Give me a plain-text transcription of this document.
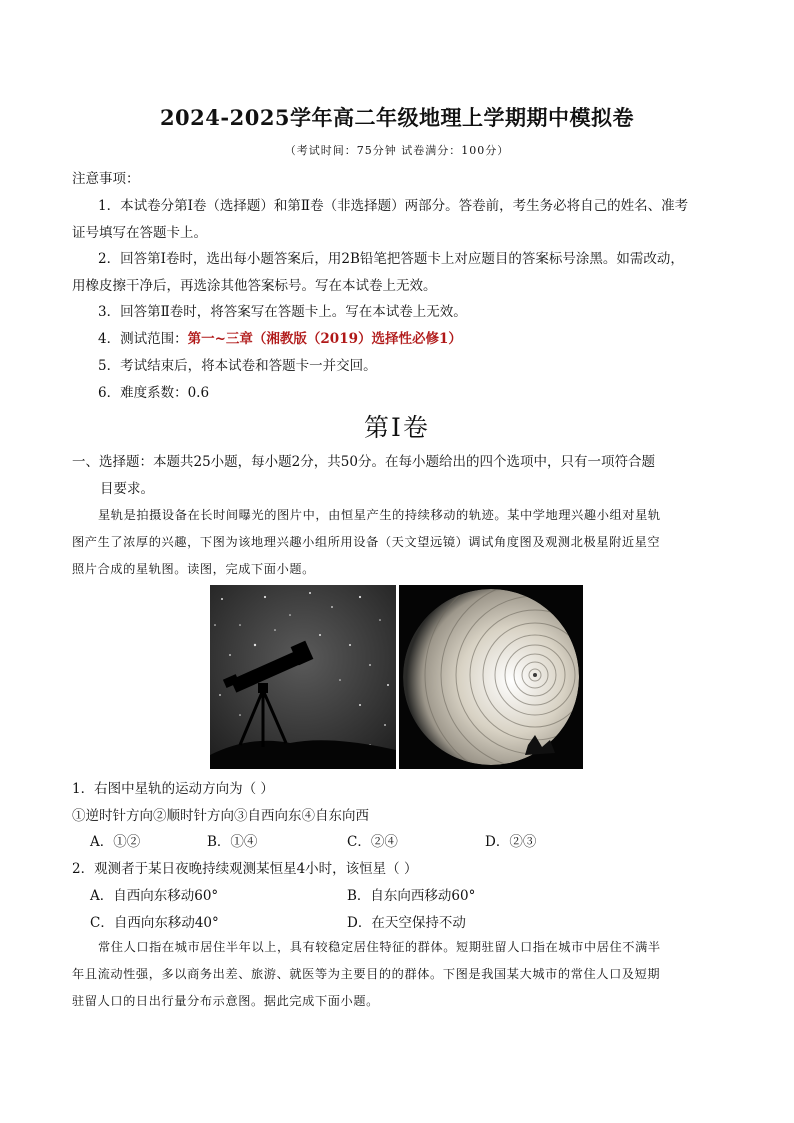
2024-2025学年高二年级地理上学期期中模拟卷
（考试时间：75分钟 试卷满分：100分）
注意事项：
1．本试卷分第Ⅰ卷（选择题）和第Ⅱ卷（非选择题）两部分。答卷前，考生务必将自己的姓名、准考
证号填写在答题卡上。
2．回答第Ⅰ卷时，选出每小题答案后，用2B铅笔把答题卡上对应题目的答案标号涂黑。如需改动，
用橡皮擦干净后，再选涂其他答案标号。写在本试卷上无效。
3．回答第Ⅱ卷时，将答案写在答题卡上。写在本试卷上无效。
4．测试范围：第一~三章（湘教版（2019）选择性必修1）
5．考试结束后，将本试卷和答题卡一并交回。
6．难度系数：0.6
第Ⅰ卷
一、选择题：本题共25小题，每小题2分，共50分。在每小题给出的四个选项中，只有一项符合题
目要求。
星轨是拍摄设备在长时间曝光的图片中，由恒星产生的持续移动的轨迹。某中学地理兴趣小组对星轨
图产生了浓厚的兴趣，下图为该地理兴趣小组所用设备（天文望远镜）调试角度图及观测北极星附近星空
照片合成的星轨图。读图，完成下面小题。
1．右图中星轨的运动方向为（ ）
①逆时针方向②顺时针方向③自西向东④自东向西
A．①②	B．①④	C．②④	D．②③
2．观测者于某日夜晚持续观测某恒星4小时，该恒星（ ）
A．自西向东移动60°	B．自东向西移动60°
C．自西向东移动40°	D．在天空保持不动
常住人口指在城市居住半年以上，具有较稳定居住特征的群体。短期驻留人口指在城市中居住不满半
年且流动性强，多以商务出差、旅游、就医等为主要目的的群体。下图是我国某大城市的常住人口及短期
驻留人口的日出行量分布示意图。据此完成下面小题。
